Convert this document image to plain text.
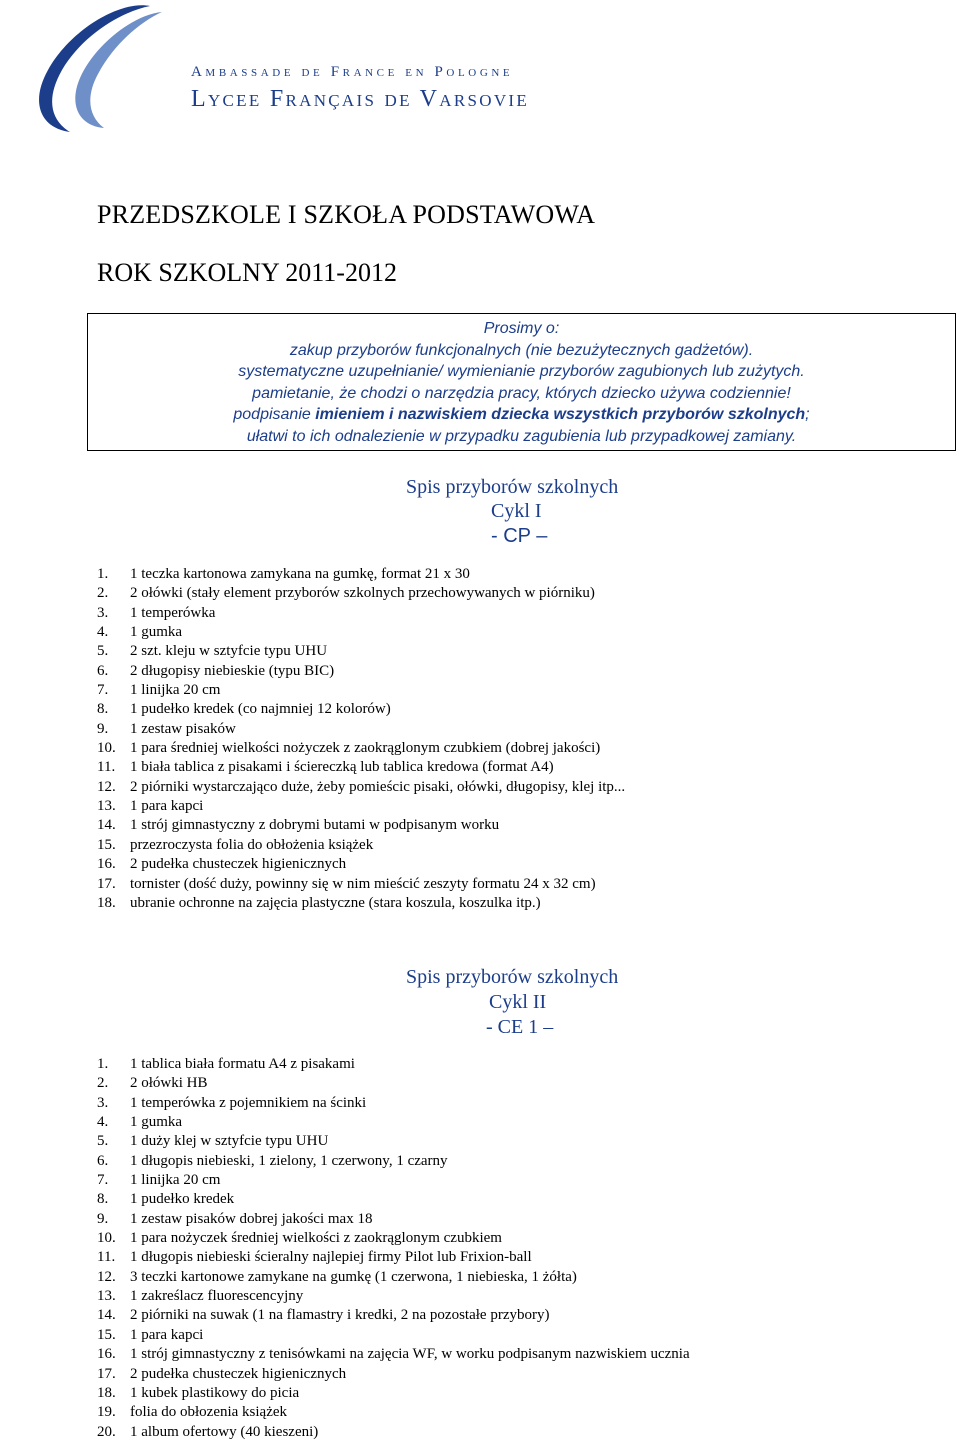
Ambassade de France en Pologne
Lycee Français de Varsovie
PRZEDSZKOLE I SZKOŁA PODSTAWOWA
ROK SZKOLNY 2011-2012
Prosimy o:
zakup przyborów funkcjonalnych (nie bezużytecznych gadżetów).
systematyczne uzupełnianie/ wymienianie przyborów zagubionych lub zużytych.
pamietanie, że chodzi o narzędzia pracy, których dziecko używa codziennie!
podpisanie imieniem i nazwiskiem dziecka wszystkich przyborów szkolnych;
ułatwi to ich odnalezienie w przypadku zagubienia lub przypadkowej zamiany.
Spis przyborów szkolnych
Cykl I
- CP –
1. 1 teczka kartonowa zamykana na gumkę, format 21 x 30
2. 2 ołówki (stały element przyborów szkolnych przechowywanych w piórniku)
3. 1 temperówka
4. 1 gumka
5. 2 szt. kleju w sztyfcie typu UHU
6. 2 długopisy niebieskie (typu BIC)
7. 1 linijka 20 cm
8. 1 pudełko kredek (co najmniej 12 kolorów)
9. 1 zestaw pisaków
10. 1 para średniej wielkości nożyczek z zaokrąglonym czubkiem (dobrej jakości)
11. 1 biała tablica z pisakami i ściereczką lub tablica kredowa (format A4)
12. 2 piórniki wystarczająco duże, żeby pomieścic pisaki, ołówki, długopisy, klej itp...
13. 1 para kapci
14. 1 strój gimnastyczny z dobrymi butami w podpisanym worku
15. przezroczysta folia do obłożenia książek
16. 2 pudełka chusteczek higienicznych
17. tornister (dość duży, powinny się w nim mieścić zeszyty formatu 24 x 32 cm)
18. ubranie ochronne na zajęcia plastyczne (stara koszula, koszulka itp.)
Spis przyborów szkolnych
Cykl II
- CE 1 –
1. 1 tablica biała formatu A4 z pisakami
2. 2 ołówki HB
3. 1 temperówka z pojemnikiem na ścinki
4. 1 gumka
5. 1 duży klej w sztyfcie typu UHU
6. 1 długopis niebieski, 1 zielony, 1 czerwony, 1 czarny
7. 1 linijka 20 cm
8. 1 pudełko kredek
9. 1 zestaw pisaków dobrej jakości max 18
10. 1 para nożyczek średniej wielkości z zaokrąglonym czubkiem
11. 1 długopis niebieski ścieralny najlepiej firmy Pilot lub Frixion-ball
12. 3 teczki kartonowe zamykane na gumkę (1 czerwona, 1 niebieska, 1 żółta)
13. 1 zakreślacz fluorescencyjny
14. 2 piórniki na suwak (1 na flamastry i kredki, 2 na pozostałe przybory)
15. 1 para kapci
16. 1 strój gimnastyczny z tenisówkami na zajęcia WF, w worku podpisanym nazwiskiem ucznia
17. 2 pudełka chusteczek higienicznych
18. 1 kubek plastikowy do picia
19. folia do obłozenia książek
20. 1 album ofertowy (40 kieszeni)
